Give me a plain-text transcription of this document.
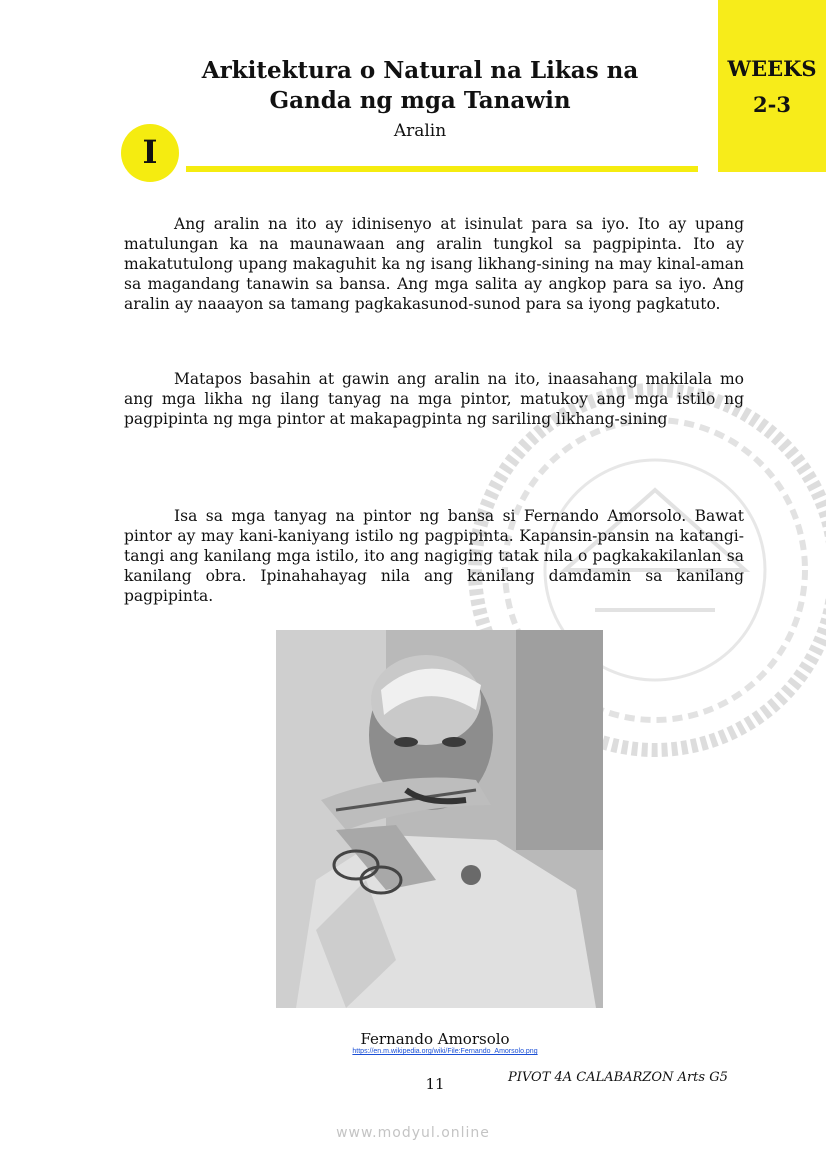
Arkitektura o Natural na Likas na
Ganda ng mga Tanawin
Aralin
WEEKS
2-3
I

Ang aralin na ito ay idinisenyo at isinulat para sa iyo. Ito ay upang matulungan ka na maunawaan ang aralin tungkol sa pagpipinta. Ito ay makatutulong upang makaguhit ka ng isang likhang-sining na may kinal-aman sa magandang tanawin sa bansa. Ang mga salita ay angkop para sa iyo. Ang aralin ay naaayon sa tamang pagkakasunod-sunod para sa iyong pagkatuto.

Matapos basahin at gawin ang aralin na ito, inaasahang makilala mo ang mga likha ng ilang tanyag na mga pintor, matukoy ang mga istilo ng pagpipinta ng mga pintor at makapagpinta ng sariling likhang-sining

Isa sa mga tanyag na pintor ng bansa si Fernando Amorsolo. Bawat pintor ay may kani-kaniyang istilo ng pagpipinta. Kapansin-pansin na katangi-tangi ang kanilang mga istilo, ito ang nagiging tatak nila o pagkakakilanlan sa kanilang obra. Ipinahahayag nila ang kanilang damdamin sa kanilang pagpipinta.

Fernando Amorsolo
https://en.m.wikipedia.org/wiki/File:Fernando_Amorsolo.png
11	PIVOT 4A CALABARZON Arts G5
www.modyul.online
